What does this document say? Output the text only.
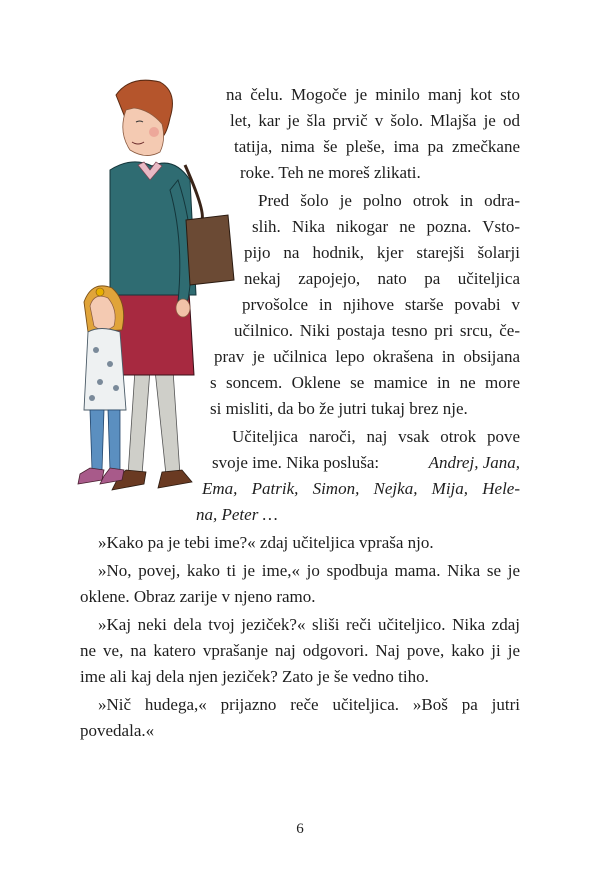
na čelu. Mogoče je minilo manj kot sto
let, kar je šla prvič v šolo. Mlajša je od
tatija, nima še pleše, ima pa zmečkane
roke. Teh ne moreš zlikati.
Pred šolo je polno otrok in odra-
slih. Nika nikogar ne pozna. Vsto-
pijo na hodnik, kjer starejši šolarji
nekaj zapojejo, nato pa učiteljica
prvošolce in njihove starše povabi v
učilnico. Niki postaja tesno pri srcu, če-
prav je učilnica lepo okrašena in obsijana
s soncem. Oklene se mamice in ne more
si misliti, da bo že jutri tukaj brez nje.
Učiteljica naroči, naj vsak otrok pove
svoje ime. Nika posluša:	Andrej, Jana,
Ema, Patrik, Simon, Nejka, Mija, Hele-
na, Peter …
»Kako pa je tebi ime?« zdaj učiteljica vpraša njo.
»No, povej, kako ti je ime,« jo spodbuja mama. Nika se je
oklene. Obraz zarije v njeno ramo.
»Kaj neki dela tvoj jeziček?« sliši reči učiteljico. Nika zdaj
ne ve, na katero vprašanje naj odgovori. Naj pove, kako ji je
ime ali kaj dela njen jeziček? Zato je še vedno tiho.
»Nič hudega,« prijazno reče učiteljica. »Boš pa jutri
povedala.«
6
